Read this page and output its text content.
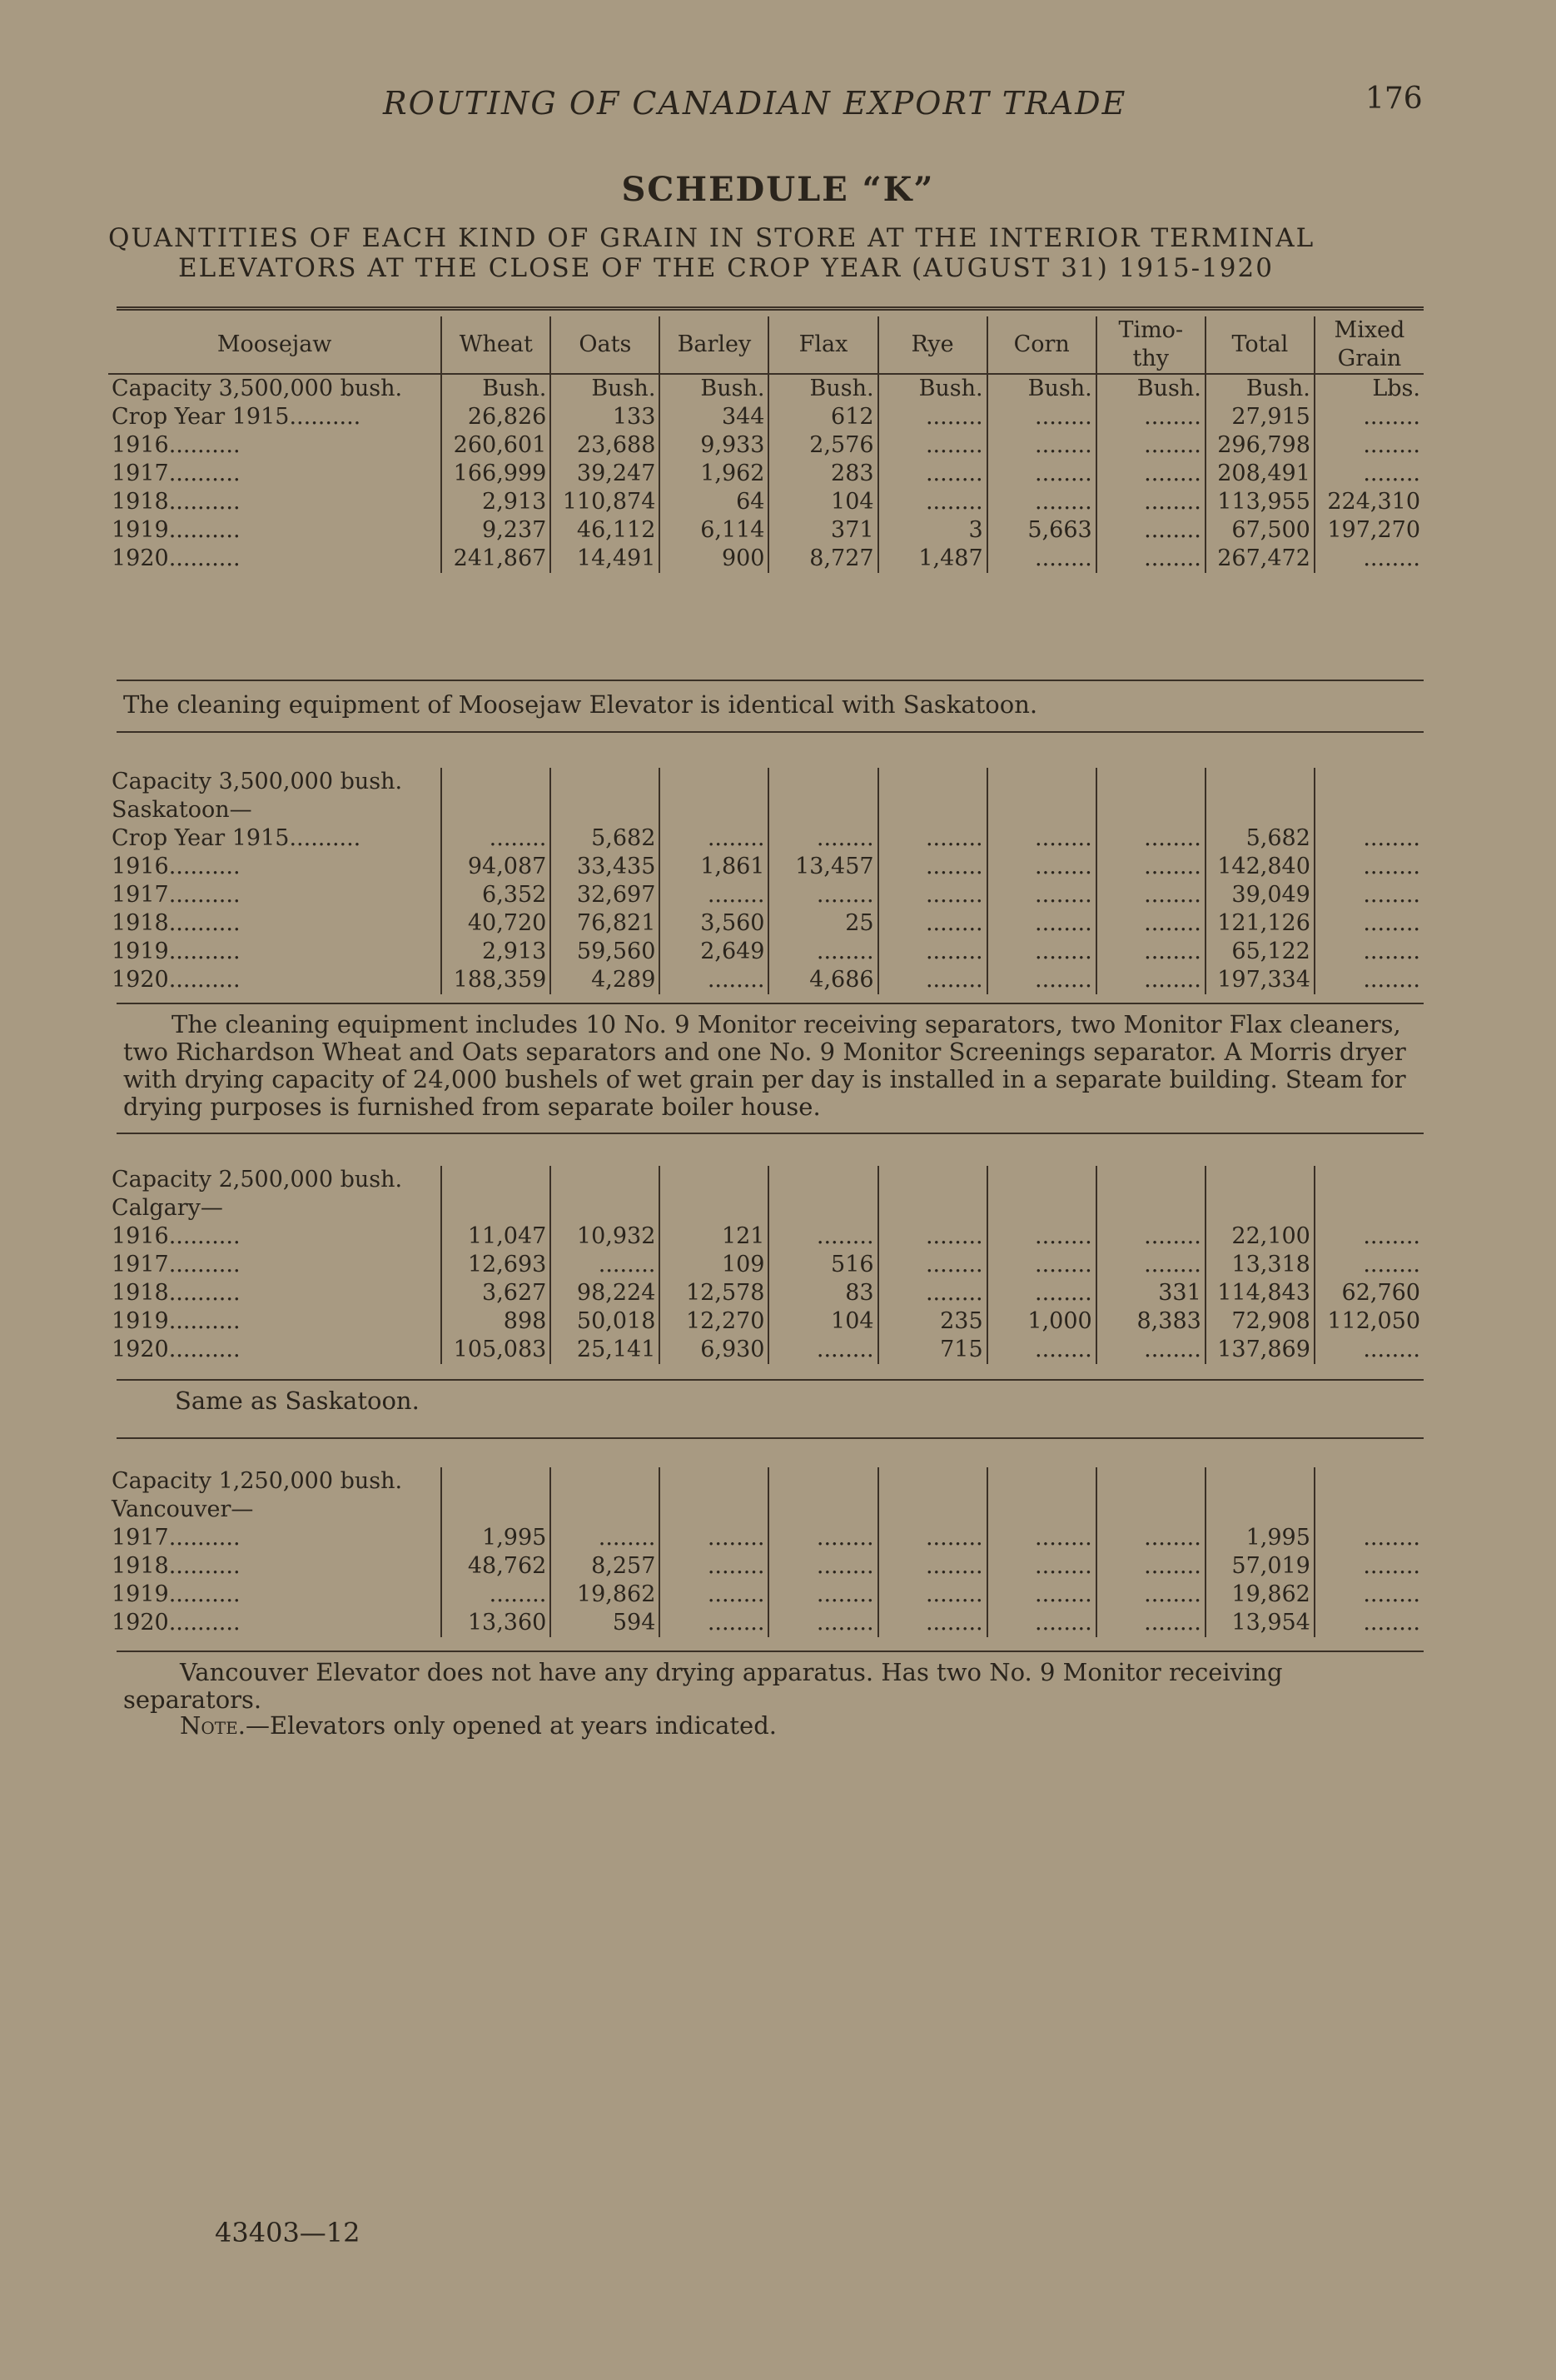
ROUTING OF CANADIAN EXPORT TRADE	176
SCHEDULE “K”
QUANTITIES OF EACH KIND OF GRAIN IN STORE AT THE INTERIOR TERMINAL
ELEVATORS AT THE CLOSE OF THE CROP YEAR (AUGUST 31) 1915-1920
Moosejaw	Wheat	Oats	Barley	Flax	Rye	Corn	Timo-thy	Total	Mixed Grain
Capacity 3,500,000 bush.	Bush.	Bush.	Bush.	Bush.	Bush.	Bush.	Bush.	Bush.	Lbs.
Crop Year 1915..........	26,826	133	344	612	........	........	........	27,915	........
1916..........	260,601	23,688	9,933	2,576	........	........	........	296,798	........
1917..........	166,999	39,247	1,962	283	........	........	........	208,491	........
1918..........	2,913	110,874	64	104	........	........	........	113,955	224,310
1919..........	9,237	46,112	6,114	371	3	5,663	........	67,500	197,270
1920..........	241,867	14,491	900	8,727	1,487	........	........	267,472	........
The cleaning equipment of Moosejaw Elevator is identical with Saskatoon.
Capacity 3,500,000 bush.									
Saskatoon—									
Crop Year 1915..........	........	5,682	........	........	........	........	........	5,682	........
1916..........	94,087	33,435	1,861	13,457	........	........	........	142,840	........
1917..........	6,352	32,697	........	........	........	........	........	39,049	........
1918..........	40,720	76,821	3,560	25	........	........	........	121,126	........
1919..........	2,913	59,560	2,649	........	........	........	........	65,122	........
1920..........	188,359	4,289	........	4,686	........	........	........	197,334	........
The cleaning equipment includes 10 No. 9 Monitor receiving separators, two Monitor Flax cleaners, two Richardson Wheat and Oats separators and one No. 9 Monitor Screenings separator. A Morris dryer with drying capacity of 24,000 bushels of wet grain per day is installed in a separate building. Steam for drying purposes is furnished from separate boiler house.
Capacity 2,500,000 bush.									
Calgary—									
1916..........	11,047	10,932	121	........	........	........	........	22,100	........
1917..........	12,693	........	109	516	........	........	........	13,318	........
1918..........	3,627	98,224	12,578	83	........	........	331	114,843	62,760
1919..........	898	50,018	12,270	104	235	1,000	8,383	72,908	112,050
1920..........	105,083	25,141	6,930	........	715	........	........	137,869	........
Same as Saskatoon.
Capacity 1,250,000 bush.									
Vancouver—									
1917..........	1,995	........	........	........	........	........	........	1,995	........
1918..........	48,762	8,257	........	........	........	........	........	57,019	........
1919..........	........	19,862	........	........	........	........	........	19,862	........
1920..........	13,360	594	........	........	........	........	........	13,954	........
Vancouver Elevator does not have any drying apparatus. Has two No. 9 Monitor receiving separators.
Note.—Elevators only opened at years indicated.
43403—12
